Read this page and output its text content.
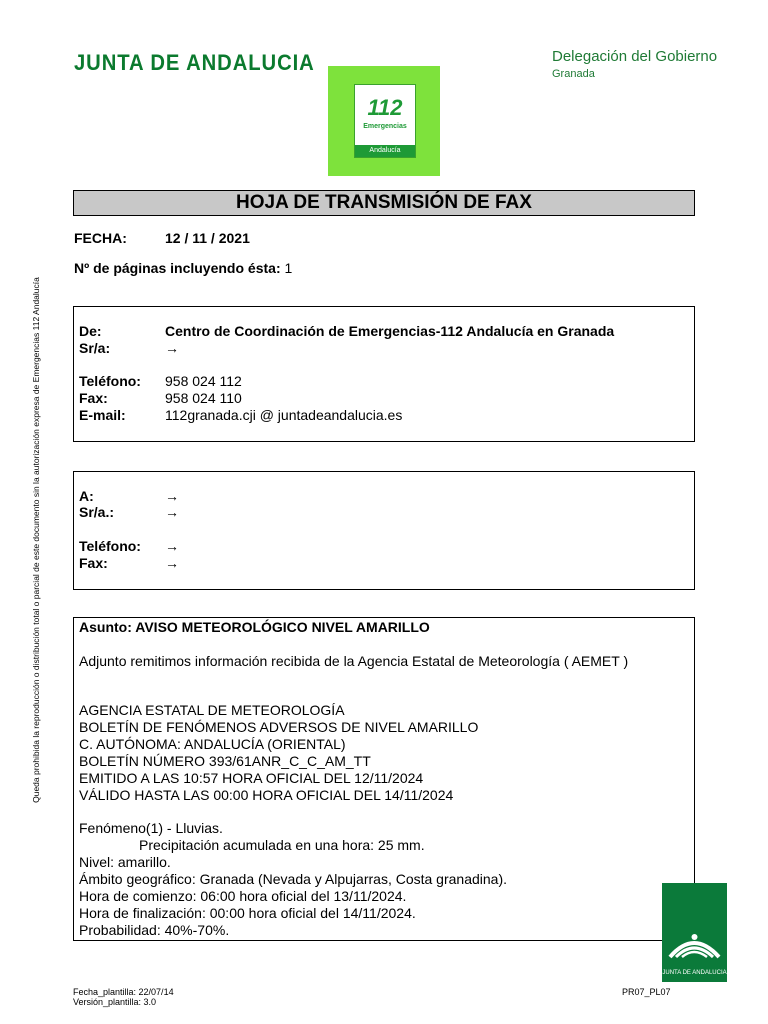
JUNTA DE ANDALUCIA	Delegación del Gobierno
Granada
112
Emergencias
Andalucía
HOJA DE TRANSMISIÓN DE FAX
FECHA:	12 / 11 / 2021
Nº de páginas incluyendo ésta: 1
De:	Centro de Coordinación de Emergencias-112 Andalucía en Granada
Sr/a:	→
Teléfono: 958 024 112
Fax:	958 024 110
E-mail:	112granada.cji @ juntadeandalucia.es
A:	→
Sr/a.:	→
Teléfono: →
Fax:	→
Asunto: AVISO METEOROLÓGICO NIVEL AMARILLO
Adjunto remitimos información recibida de la Agencia Estatal de Meteorología ( AEMET )
AGENCIA ESTATAL DE METEOROLOGÍA
BOLETÍN DE FENÓMENOS ADVERSOS DE NIVEL AMARILLO
C. AUTÓNOMA: ANDALUCÍA (ORIENTAL)
BOLETÍN NÚMERO 393/61ANR_C_C_AM_TT
EMITIDO A LAS 10:57 HORA OFICIAL DEL 12/11/2024
VÁLIDO HASTA LAS 00:00 HORA OFICIAL DEL 14/11/2024
Fenómeno(1) - Lluvias.
Precipitación acumulada en una hora: 25 mm.
Nivel: amarillo.
Ámbito geográfico: Granada (Nevada y Alpujarras, Costa granadina).
Hora de comienzo: 06:00 hora oficial del 13/11/2024.
Hora de finalización: 00:00 hora oficial del 14/11/2024.
Probabilidad: 40%-70%.
Queda prohibida la reproducción o distribución total o parcial de este documento sin la autorización expresa de Emergencias 112 Andalucía
Fecha_plantilla: 22/07/14
Versión_plantilla: 3.0
PR07_PL07
JUNTA DE ANDALUCIA
